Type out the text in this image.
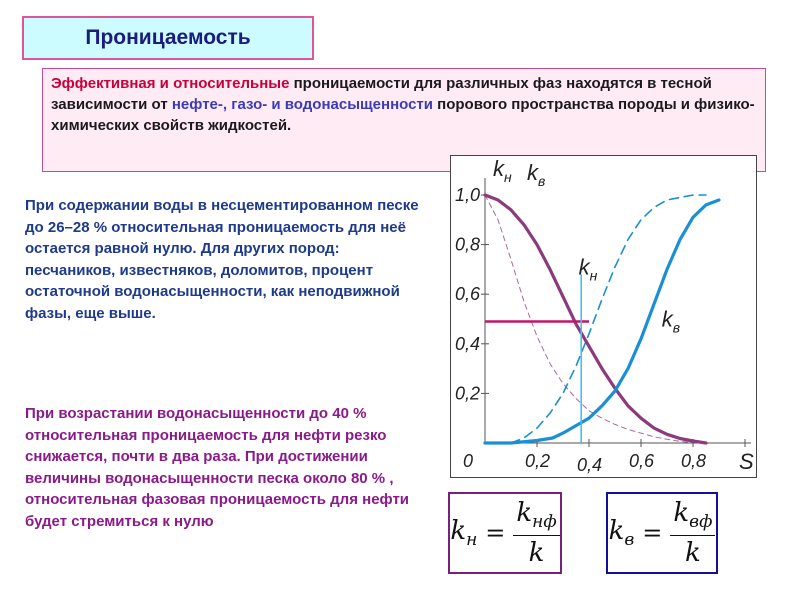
Проницаемость
Эффективная и относительные проницаемости для различных фаз находятся в тесной зависимости от нефте-, газо- и водонасыщенности порового пространства породы и физико-химических свойств жидкостей.
При содержании воды в несцементированном песке до 26–28 % относительная проницаемость для неё остается равной нулю. Для других пород: песчаников, известняков, доломитов, процент остаточной водонасыщенности, как неподвижной фазы, еще выше.
При возрастании водонасыщенности до 40 % относительная проницаемость для нефти резко снижается, почти в два раза. При достижении величины водонасыщенности песка около 80 % , относительная фазовая проницаемость для нефти будет стремиться к нулю
1,0
0,8
0,6
0,4
0,2
0,2 0,4 0,6 0,8
0	S
$k_н$ $k_в$
$k_н$
$k_в$
$k_н = \frac{k_{нф}}{k} k_в = \frac{k_{вф}}{k}$
